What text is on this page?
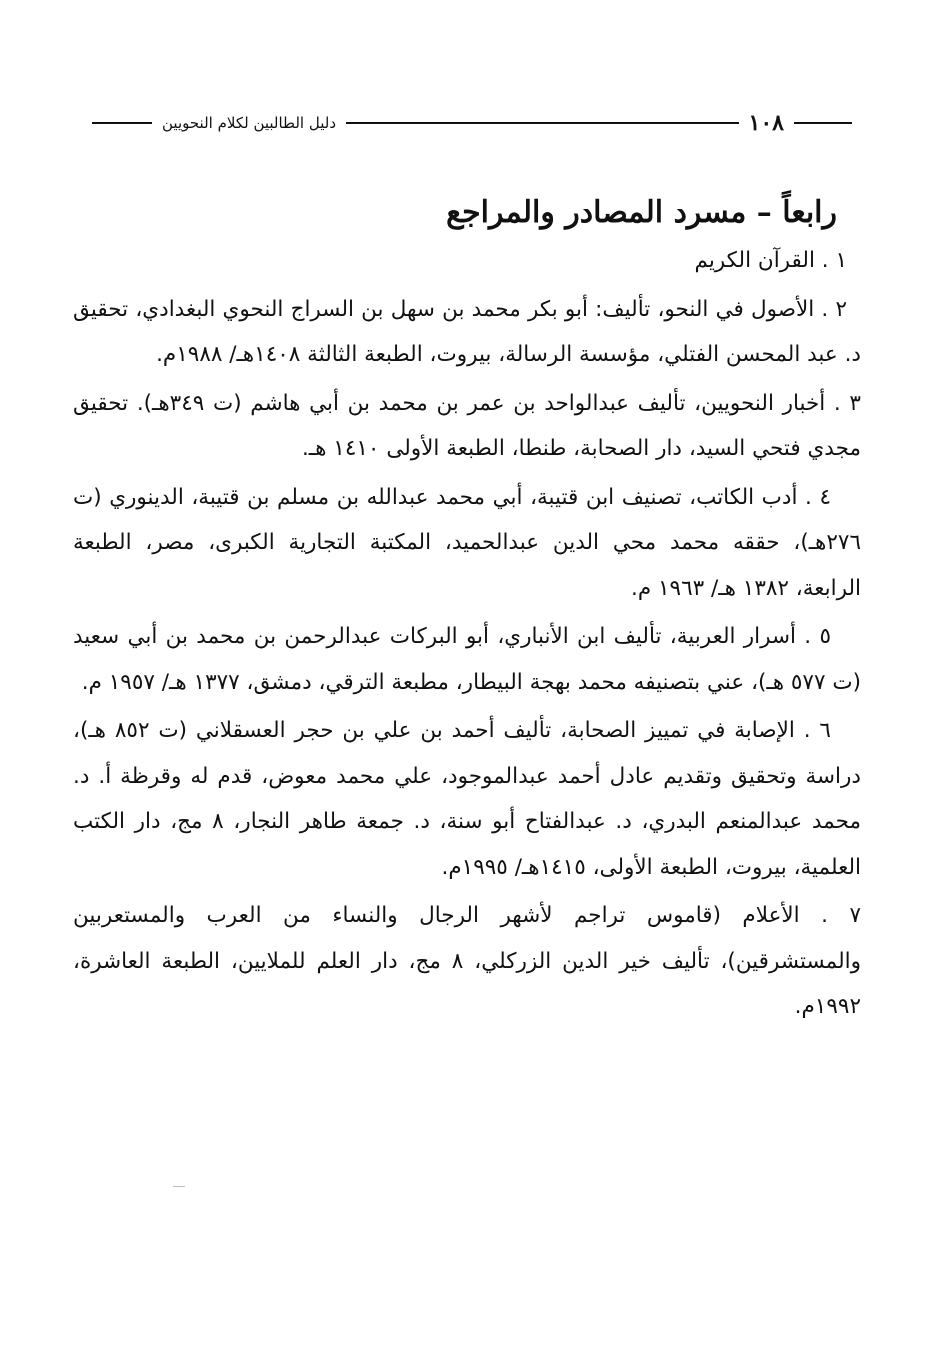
١٠٨
دليل الطالبين لكلام النحويين
رابعاً – مسرد المصادر والمراجع
١ . القرآن الكريم
٢ . الأصول في النحو، تأليف: أبو بكر محمد بن سهل بن السراج النحوي البغدادي، تحقيق د. عبد المحسن الفتلي، مؤسسة الرسالة، بيروت، الطبعة الثالثة ١٤٠٨هـ/ ١٩٨٨م.
٣ . أخبار النحويين، تأليف عبدالواحد بن عمر بن محمد بن أبي هاشم (ت ٣٤٩هـ). تحقيق مجدي فتحي السيد، دار الصحابة، طنطا، الطبعة الأولى ١٤١٠ هـ.
٤ . أدب الكاتب، تصنيف ابن قتيبة، أبي محمد عبدالله بن مسلم بن قتيبة، الدينوري (ت ٢٧٦هـ)، حققه محمد محي الدين عبدالحميد، المكتبة التجارية الكبرى، مصر، الطبعة الرابعة، ١٣٨٢ هـ/ ١٩٦٣ م.
٥ . أسرار العربية، تأليف ابن الأنباري، أبو البركات عبدالرحمن بن محمد بن أبي سعيد (ت ٥٧٧ هـ)، عني بتصنيفه محمد بهجة البيطار، مطبعة الترقي، دمشق، ١٣٧٧ هـ/ ١٩٥٧ م.
٦ . الإصابة في تمييز الصحابة، تأليف أحمد بن علي بن حجر العسقلاني (ت ٨٥٢ هـ)، دراسة وتحقيق وتقديم عادل أحمد عبدالموجود، علي محمد معوض، قدم له وقرظة أ. د. محمد عبدالمنعم البدري، د. عبدالفتاح أبو سنة، د. جمعة طاهر النجار، ٨ مج، دار الكتب العلمية، بيروت، الطبعة الأولى، ١٤١٥هـ/ ١٩٩٥م.
٧ . الأعلام (قاموس تراجم لأشهر الرجال والنساء من العرب والمستعربين والمستشرقين)، تأليف خير الدين الزركلي، ٨ مج، دار العلم للملايين، الطبعة العاشرة، ١٩٩٢م.
